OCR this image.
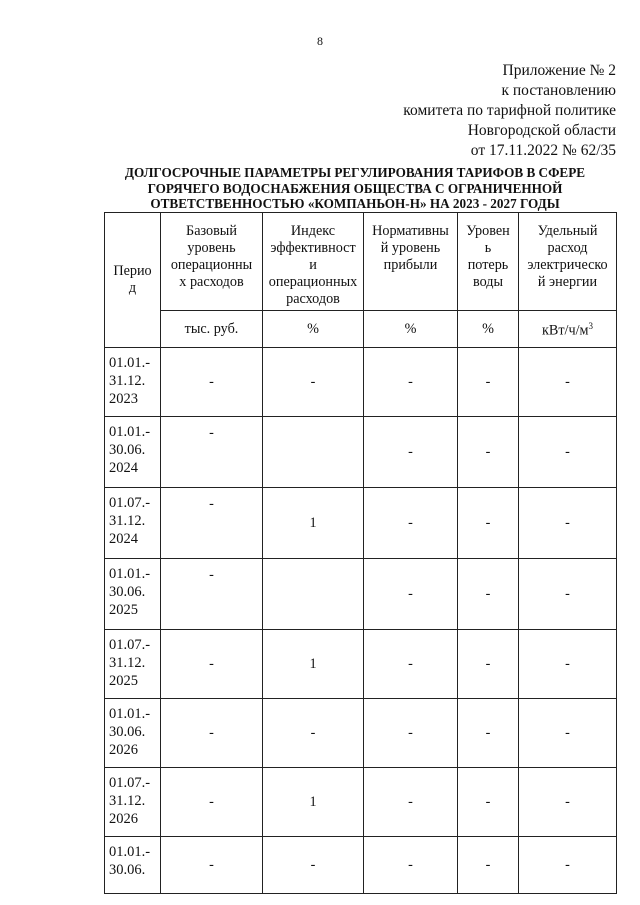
8
Приложение № 2
к постановлению
комитета по тарифной политике
Новгородской области
от 17.11.2022 № 62/35
ДОЛГОСРОЧНЫЕ ПАРАМЕТРЫ РЕГУЛИРОВАНИЯ ТАРИФОВ В СФЕРЕ
ГОРЯЧЕГО ВОДОСНАБЖЕНИЯ ОБЩЕСТВА С ОГРАНИЧЕННОЙ
ОТВЕТСТВЕННОСТЬЮ «КОМПАНЬОН-Н» НА 2023 - 2027 ГОДЫ
Перио
д	Базовый
уровень
операционны
х расходов	Индекс
эффективност
и
операционных
расходов	Нормативны
й уровень
прибыли	Уровен
ь
потерь
воды	Удельный
расход
электрическо
й энергии

	тыс. руб.	%	%	%	кВт/$ч/м^3$

01.01.-
31.12.
2023	-	-	-	-	-

01.01.-
30.06.
2024	-		-	-	-

01.07.-
31.12.
2024	-	1	-	-	-

01.01.-
30.06.
2025	-		-	-	-

01.07.-
31.12.
2025	-	1	-	-	-

01.01.-
30.06.
2026	-	-	-	-	-

01.07.-
31.12.
2026	-	1	-	-	-

01.01.-
30.06.	-	-	-	-	-
